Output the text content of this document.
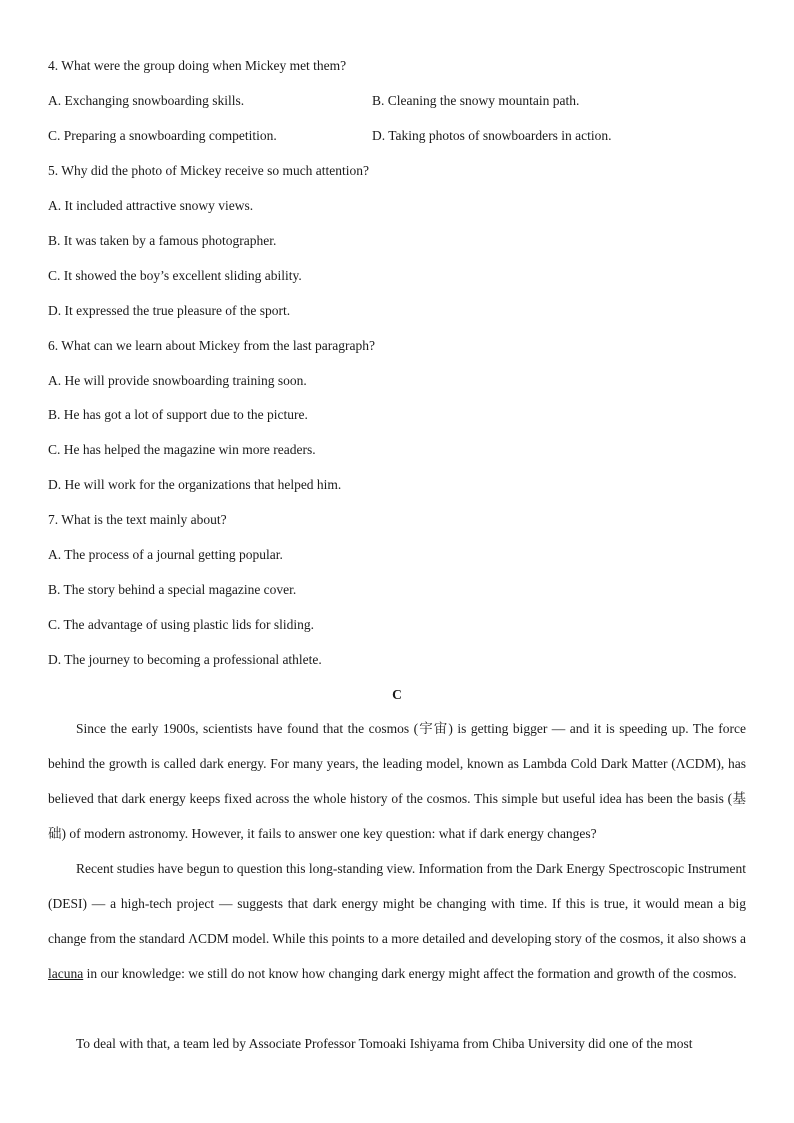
4. What were the group doing when Mickey met them?
A. Exchanging snowboarding skills.	B. Cleaning the snowy mountain path.
C. Preparing a snowboarding competition.	D. Taking photos of snowboarders in action.
5. Why did the photo of Mickey receive so much attention?
A. It included attractive snowy views.
B. It was taken by a famous photographer.
C. It showed the boy’s excellent sliding ability.
D. It expressed the true pleasure of the sport.
6. What can we learn about Mickey from the last paragraph?
A. He will provide snowboarding training soon.
B. He has got a lot of support due to the picture.
C. He has helped the magazine win more readers.
D. He will work for the organizations that helped him.
7. What is the text mainly about?
A. The process of a journal getting popular.
B. The story behind a special magazine cover.
C. The advantage of using plastic lids for sliding.
D. The journey to becoming a professional athlete.
C

Since the early 1900s, scientists have found that the cosmos (宇宙) is getting bigger — and it is speeding up. The force behind the growth is called dark energy. For many years, the leading model, known as Lambda Cold Dark Matter (ΛCDM), has believed that dark energy keeps fixed across the whole history of the cosmos. This simple but useful idea has been the basis (基础) of modern astronomy. However, it fails to answer one key question: what if dark energy changes?

Recent studies have begun to question this long-standing view. Information from the Dark Energy Spectroscopic Instrument (DESI) — a high-tech project — suggests that dark energy might be changing with time. If this is true, it would mean a big change from the standard ΛCDM model. While this points to a more detailed and developing story of the cosmos, it also shows a lacuna in our knowledge: we still do not know how changing dark energy might affect the formation and growth of the cosmos.

To deal with that, a team led by Associate Professor Tomoaki Ishiyama from Chiba University did one of the most
